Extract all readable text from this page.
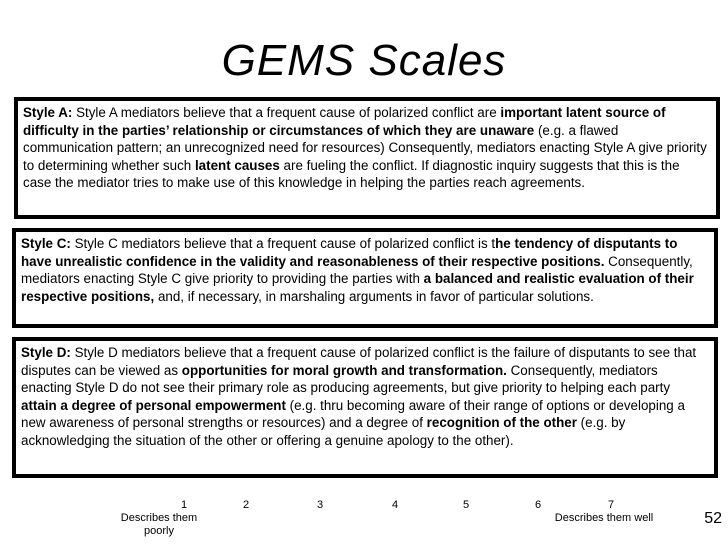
GEMS Scales
Style A: Style A mediators believe that a frequent cause of polarized conflict are important latent source of difficulty in the parties’ relationship or circumstances of which they are unaware (e.g. a flawed communication pattern; an unrecognized need for resources) Consequently, mediators enacting Style A give priority to determining whether such latent causes are fueling the conflict. If diagnostic inquiry suggests that this is the case the mediator tries to make use of this knowledge in helping the parties reach agreements.
Style C: Style C mediators believe that a frequent cause of polarized conflict is the tendency of disputants to have unrealistic confidence in the validity and reasonableness of their respective positions. Consequently, mediators enacting Style C give priority to providing the parties with a balanced and realistic evaluation of their respective positions, and, if necessary, in marshaling arguments in favor of particular solutions.
Style D: Style D mediators believe that a frequent cause of polarized conflict is the failure of disputants to see that disputes can be viewed as opportunities for moral growth and transformation. Consequently, mediators enacting Style D do not see their primary role as producing agreements, but give priority to helping each party attain a degree of personal empowerment (e.g. thru becoming aware of their range of options or developing a new awareness of personal strengths or resources) and a degree of recognition of the other (e.g. by acknowledging the situation of the other or offering a genuine apology to the other).
1	2	3	4	5	6	7
Describes them poorly
Describes them well	52
